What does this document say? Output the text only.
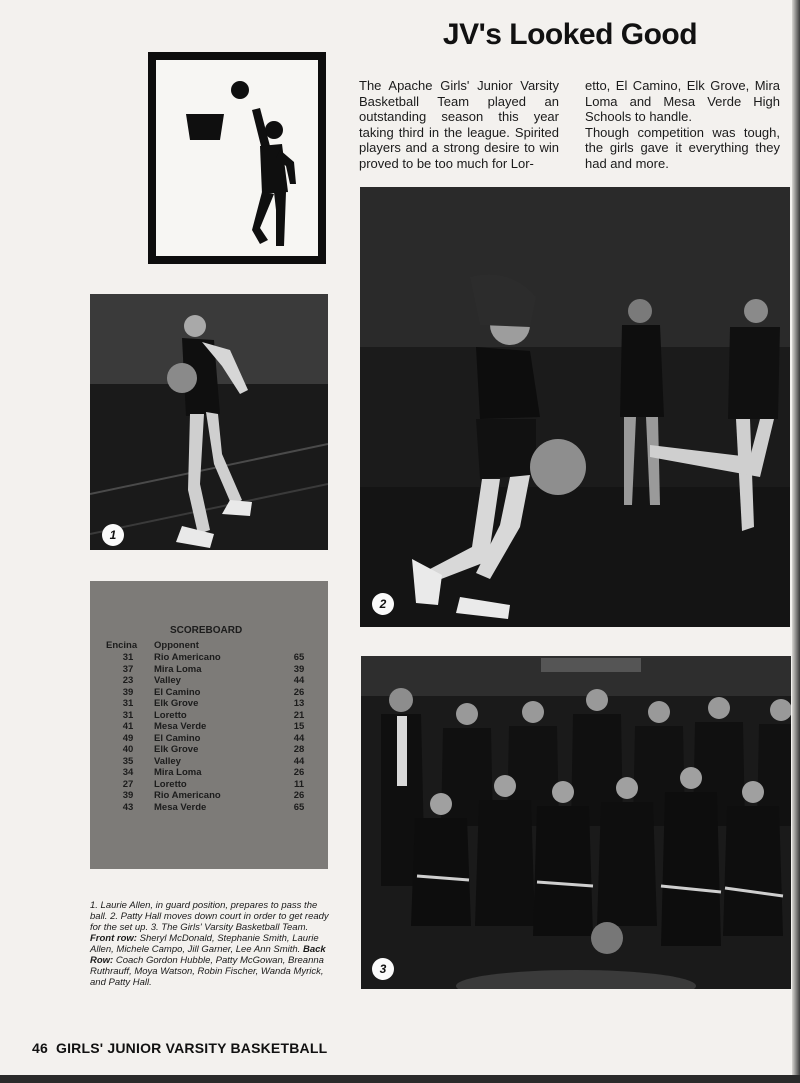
JV's Looked Good
The Apache Girls' Junior Varsity Basketball Team played an outstanding season this year taking third in the league. Spirited players and a strong desire to win proved to be too much for Lor-
etto, El Camino, Elk Grove, Mira Loma and Mesa Verde High Schools to handle.
Though competition was tough, the girls gave it everything they had and more.
1
2
SCOREBOARD
Encina Opponent
31	Rio Americano	65
37	Mira Loma	39
23	Valley	44
39	El Camino	26
31	Elk Grove	13
31	Loretto	21
41	Mesa Verde	15
49	El Camino	44
40	Elk Grove	28
35	Valley	44
34	Mira Loma	26
27	Loretto	11
39	Rio Americano	26
43	Mesa Verde	65
3
1. Laurie Allen, in guard position, prepares to pass the ball. 2. Patty Hall moves down court in order to get ready for the set up. 3. The Girls' Varsity Basketball Team. Front row: Sheryl McDonald, Stephanie Smith, Laurie Allen, Michele Campo, Jill Garner, Lee Ann Smith. Back Row: Coach Gordon Hubble, Patty McGowan, Breanna Ruthrauff, Moya Watson, Robin Fischer, Wanda Myrick, and Patty Hall.
46 GIRLS' JUNIOR VARSITY BASKETBALL
